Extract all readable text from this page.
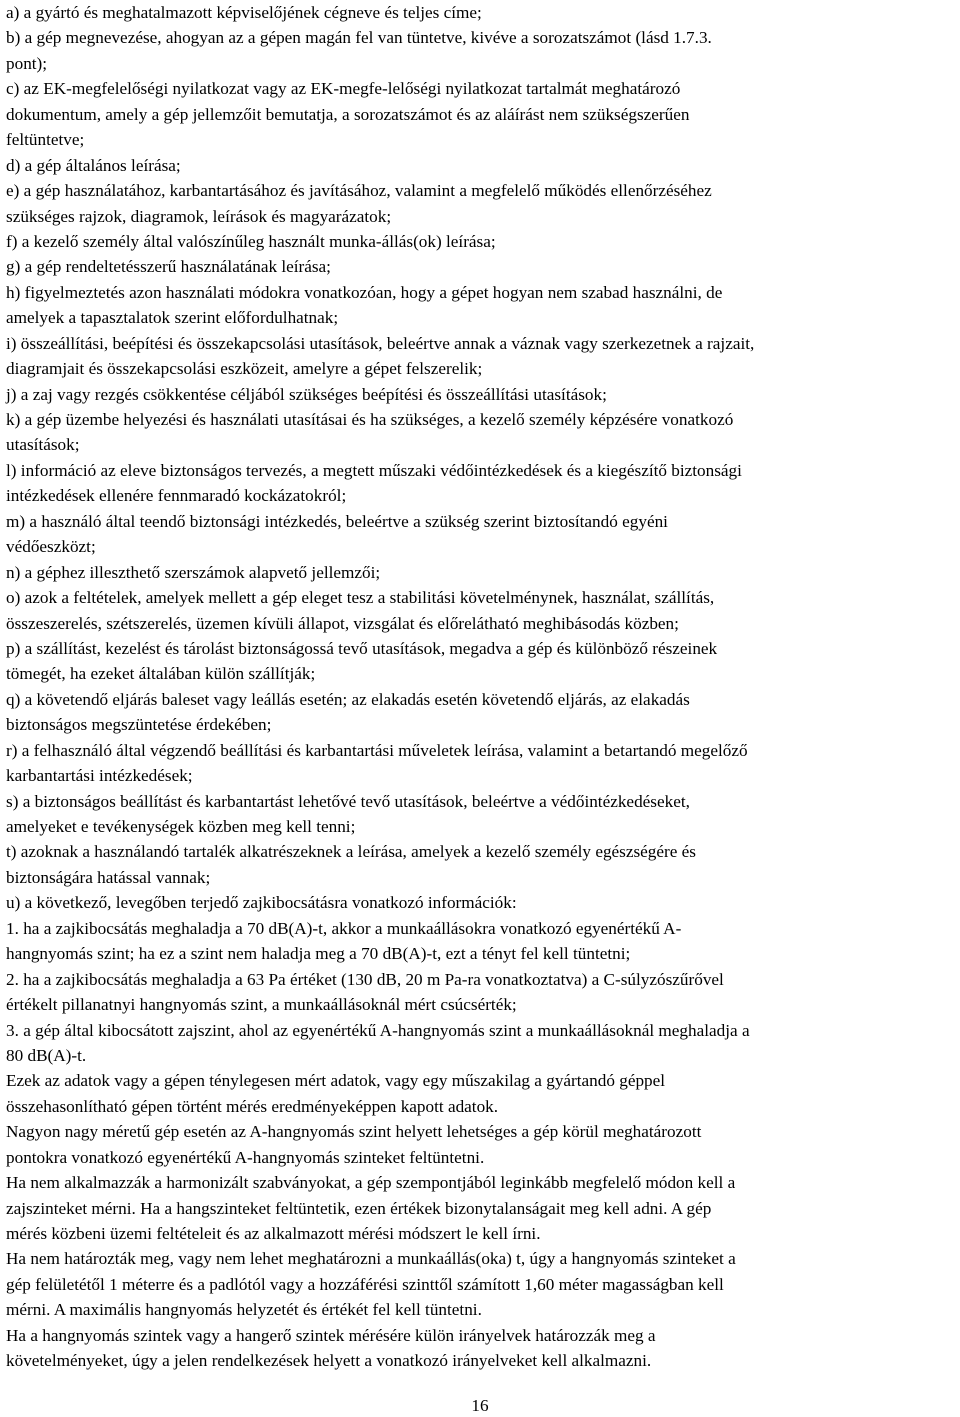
a) a gyártó és meghatalmazott képviselőjének cégneve és teljes címe;
b) a gép megnevezése, ahogyan az a gépen magán fel van tüntetve, kivéve a sorozatszámot (lásd 1.7.3.
pont);
c) az EK-megfelelőségi nyilatkozat vagy az EK-megfe-lelőségi nyilatkozat tartalmát meghatározó
dokumentum, amely a gép jellemzőit bemutatja, a sorozatszámot és az aláírást nem szükségszerűen
feltüntetve;
d) a gép általános leírása;
e) a gép használatához, karbantartásához és javításához, valamint a megfelelő működés ellenőrzéséhez
szükséges rajzok, diagramok, leírások és magyarázatok;
f) a kezelő személy által valószínűleg használt munka-állás(ok) leírása;
g) a gép rendeltetésszerű használatának leírása;
h) figyelmeztetés azon használati módokra vonatkozóan, hogy a gépet hogyan nem szabad használni, de
amelyek a tapasztalatok szerint előfordulhatnak;
i) összeállítási, beépítési és összekapcsolási utasítások, beleértve annak a váznak vagy szerkezetnek a rajzait,
diagramjait és összekapcsolási eszközeit, amelyre a gépet felszerelik;
j) a zaj vagy rezgés csökkentése céljából szükséges beépítési és összeállítási utasítások;
k) a gép üzembe helyezési és használati utasításai és ha szükséges, a kezelő személy képzésére vonatkozó
utasítások;
l) információ az eleve biztonságos tervezés, a megtett műszaki védőintézkedések és a kiegészítő biztonsági
intézkedések ellenére fennmaradó kockázatokról;
m) a használó által teendő biztonsági intézkedés, beleértve a szükség szerint biztosítandó egyéni
védőeszközt;
n) a géphez illeszthető szerszámok alapvető jellemzői;
o) azok a feltételek, amelyek mellett a gép eleget tesz a stabilitási követelménynek, használat, szállítás,
összeszerelés, szétszerelés, üzemen kívüli állapot, vizsgálat és előrelátható meghibásodás közben;
p) a szállítást, kezelést és tárolást biztonságossá tevő utasítások, megadva a gép és különböző részeinek
tömegét, ha ezeket általában külön szállítják;
q) a követendő eljárás baleset vagy leállás esetén; az elakadás esetén követendő eljárás, az elakadás
biztonságos megszüntetése érdekében;
r) a felhasználó által végzendő beállítási és karbantartási műveletek leírása, valamint a betartandó megelőző
karbantartási intézkedések;
s) a biztonságos beállítást és karbantartást lehetővé tevő utasítások, beleértve a védőintézkedéseket,
amelyeket e tevékenységek közben meg kell tenni;
t) azoknak a használandó tartalék alkatrészeknek a leírása, amelyek a kezelő személy egészségére és
biztonságára hatással vannak;
u) a következő, levegőben terjedő zajkibocsátásra vonatkozó információk:
1. ha a zajkibocsátás meghaladja a 70 dB(A)-t, akkor a munkaállásokra vonatkozó egyenértékű A-
hangnyomás szint; ha ez a szint nem haladja meg a 70 dB(A)-t, ezt a tényt fel kell tüntetni;
2. ha a zajkibocsátás meghaladja a 63 Pa értéket (130 dB, 20 m Pa-ra vonatkoztatva) a C-súlyzószűrővel
értékelt pillanatnyi hangnyomás szint, a munkaállásoknál mért csúcsérték;
3. a gép által kibocsátott zajszint, ahol az egyenértékű A-hangnyomás szint a munkaállásoknál meghaladja a
80 dB(A)-t.
Ezek az adatok vagy a gépen ténylegesen mért adatok, vagy egy műszakilag a gyártandó géppel
összehasonlítható gépen történt mérés eredményeképpen kapott adatok.
Nagyon nagy méretű gép esetén az A-hangnyomás szint helyett lehetséges a gép körül meghatározott
pontokra vonatkozó egyenértékű A-hangnyomás szinteket feltüntetni.
Ha nem alkalmazzák a harmonizált szabványokat, a gép szempontjából leginkább megfelelő módon kell a
zajszinteket mérni. Ha a hangszinteket feltüntetik, ezen értékek bizonytalanságait meg kell adni. A gép
mérés közbeni üzemi feltételeit és az alkalmazott mérési módszert le kell írni.
Ha nem határozták meg, vagy nem lehet meghatározni a munkaállás(oka) t, úgy a hangnyomás szinteket a
gép felületétől 1 méterre és a padlótól vagy a hozzáférési szinttől számított 1,60 méter magasságban kell
mérni. A maximális hangnyomás helyzetét és értékét fel kell tüntetni.
Ha a hangnyomás szintek vagy a hangerő szintek mérésére külön irányelvek határozzák meg a
követelményeket, úgy a jelen rendelkezések helyett a vonatkozó irányelveket kell alkalmazni.
16
